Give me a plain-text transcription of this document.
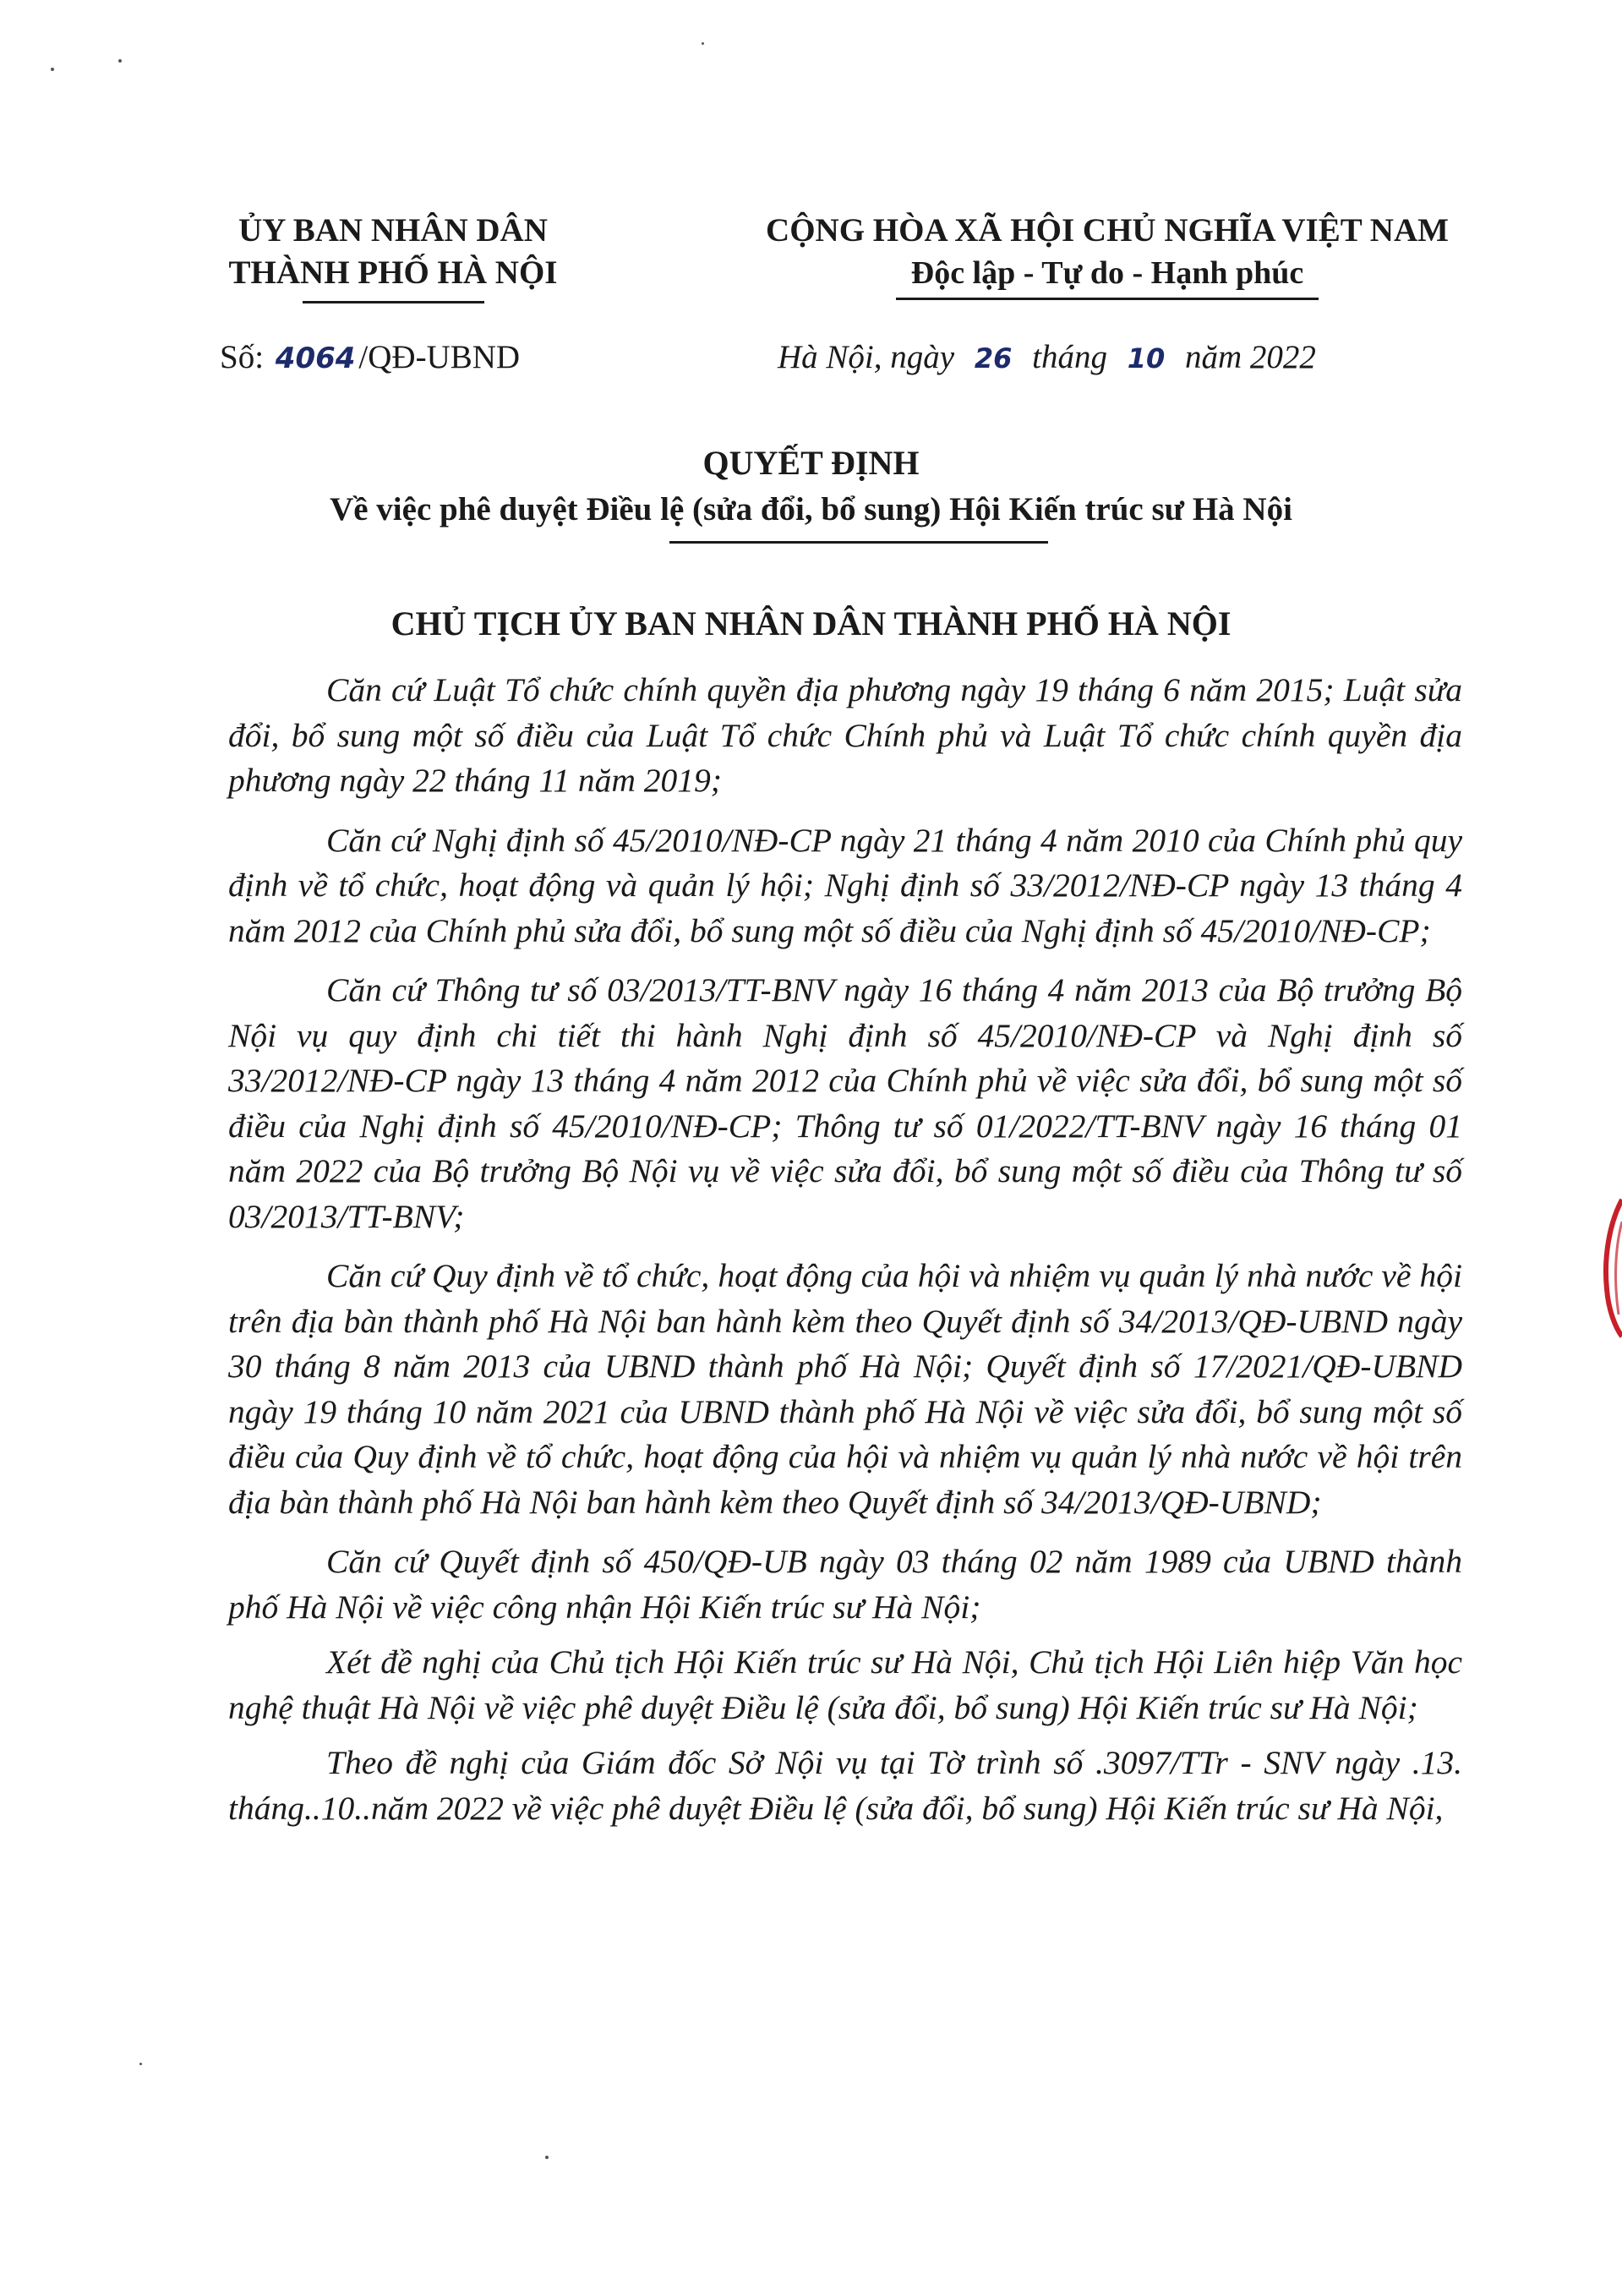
ỦY BAN NHÂN DÂN
THÀNH PHỐ HÀ NỘI
CỘNG HÒA XÃ HỘI CHỦ NGHĨA VIỆT NAM
Độc lập - Tự do - Hạnh phúc
Số: 4064 /QĐ-UBND	Hà Nội, ngày 26 tháng 10 năm 2022
QUYẾT ĐỊNH
Về việc phê duyệt Điều lệ (sửa đổi, bổ sung) Hội Kiến trúc sư Hà Nội
CHỦ TỊCH ỦY BAN NHÂN DÂN THÀNH PHỐ HÀ NỘI

Căn cứ Luật Tổ chức chính quyền địa phương ngày 19 tháng 6 năm 2015; Luật sửa đổi, bổ sung một số điều của Luật Tổ chức Chính phủ và Luật Tổ chức chính quyền địa phương ngày 22 tháng 11 năm 2019;

Căn cứ Nghị định số 45/2010/NĐ-CP ngày 21 tháng 4 năm 2010 của Chính phủ quy định về tổ chức, hoạt động và quản lý hội; Nghị định số 33/2012/NĐ-CP ngày 13 tháng 4 năm 2012 của Chính phủ sửa đổi, bổ sung một số điều của Nghị định số 45/2010/NĐ-CP;

Căn cứ Thông tư số 03/2013/TT-BNV ngày 16 tháng 4 năm 2013 của Bộ trưởng Bộ Nội vụ quy định chi tiết thi hành Nghị định số 45/2010/NĐ-CP và Nghị định số 33/2012/NĐ-CP ngày 13 tháng 4 năm 2012 của Chính phủ về việc sửa đổi, bổ sung một số điều của Nghị định số 45/2010/NĐ-CP; Thông tư số 01/2022/TT-BNV ngày 16 tháng 01 năm 2022 của Bộ trưởng Bộ Nội vụ về việc sửa đổi, bổ sung một số điều của Thông tư số 03/2013/TT-BNV;

Căn cứ Quy định về tổ chức, hoạt động của hội và nhiệm vụ quản lý nhà nước về hội trên địa bàn thành phố Hà Nội ban hành kèm theo Quyết định số 34/2013/QĐ-UBND ngày 30 tháng 8 năm 2013 của UBND thành phố Hà Nội; Quyết định số 17/2021/QĐ-UBND ngày 19 tháng 10 năm 2021 của UBND thành phố Hà Nội về việc sửa đổi, bổ sung một số điều của Quy định về tổ chức, hoạt động của hội và nhiệm vụ quản lý nhà nước về hội trên địa bàn thành phố Hà Nội ban hành kèm theo Quyết định số 34/2013/QĐ-UBND;

Căn cứ Quyết định số 450/QĐ-UB ngày 03 tháng 02 năm 1989 của UBND thành phố Hà Nội về việc công nhận Hội Kiến trúc sư Hà Nội;

Xét đề nghị của Chủ tịch Hội Kiến trúc sư Hà Nội, Chủ tịch Hội Liên hiệp Văn học nghệ thuật Hà Nội về việc phê duyệt Điều lệ (sửa đổi, bổ sung) Hội Kiến trúc sư Hà Nội;

Theo đề nghị của Giám đốc Sở Nội vụ tại Tờ trình số .3097/TTr - SNV ngày .13. tháng..10..năm 2022 về việc phê duyệt Điều lệ (sửa đổi, bổ sung) Hội Kiến trúc sư Hà Nội,
